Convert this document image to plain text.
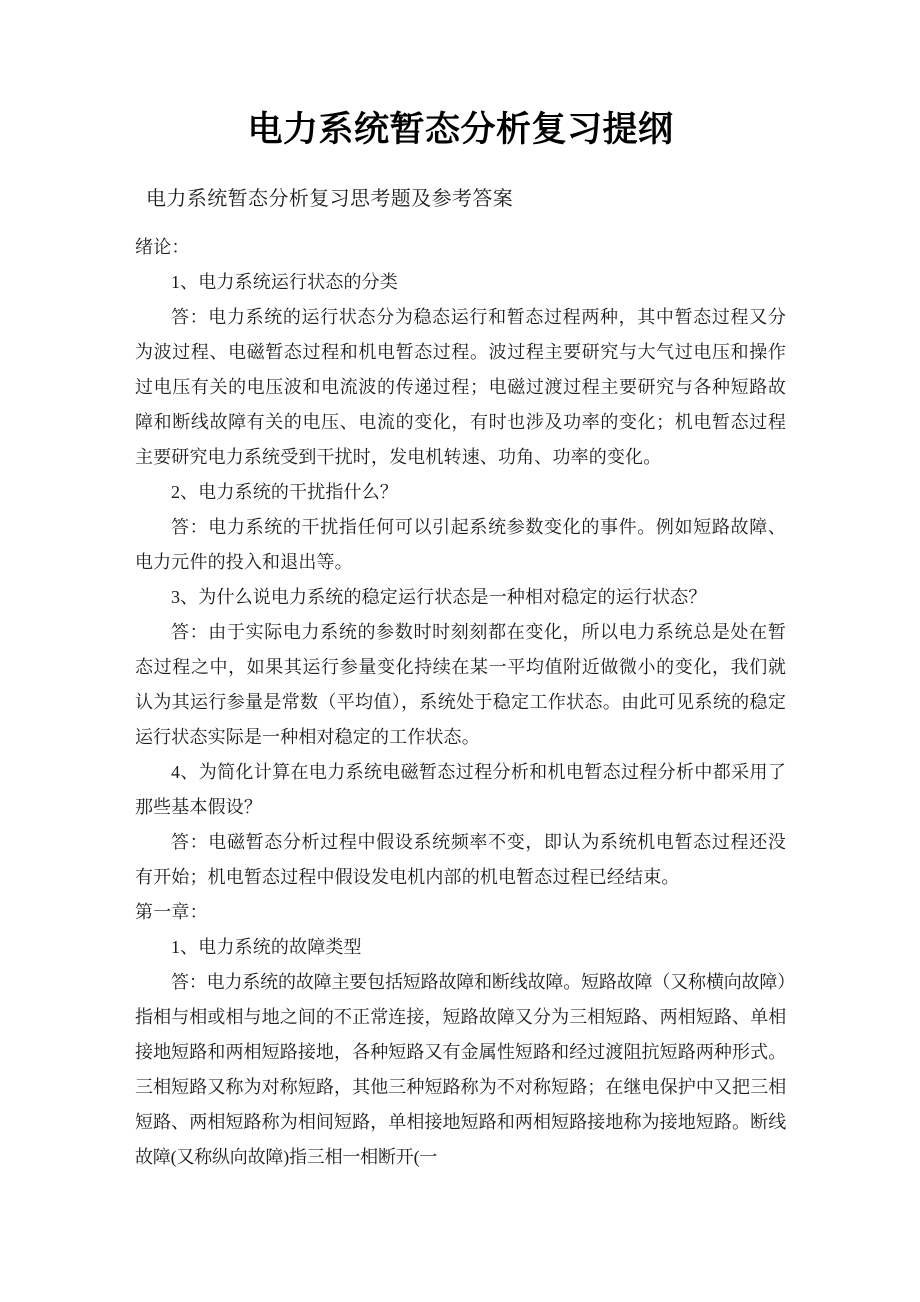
电力系统暂态分析复习提纲

电力系统暂态分析复习思考题及参考答案

绪论：

1、电力系统运行状态的分类

答：电力系统的运行状态分为稳态运行和暂态过程两种，其中暂态过程又分为波过程、电磁暂态过程和机电暂态过程。波过程主要研究与大气过电压和操作过电压有关的电压波和电流波的传递过程；电磁过渡过程主要研究与各种短路故障和断线故障有关的电压、电流的变化，有时也涉及功率的变化；机电暂态过程主要研究电力系统受到干扰时，发电机转速、功角、功率的变化。

2、电力系统的干扰指什么？

答：电力系统的干扰指任何可以引起系统参数变化的事件。例如短路故障、电力元件的投入和退出等。

3、为什么说电力系统的稳定运行状态是一种相对稳定的运行状态？

答：由于实际电力系统的参数时时刻刻都在变化，所以电力系统总是处在暂态过程之中，如果其运行参量变化持续在某一平均值附近做微小的变化，我们就认为其运行参量是常数（平均值），系统处于稳定工作状态。由此可见系统的稳定运行状态实际是一种相对稳定的工作状态。

4、为简化计算在电力系统电磁暂态过程分析和机电暂态过程分析中都采用了那些基本假设？

答：电磁暂态分析过程中假设系统频率不变，即认为系统机电暂态过程还没有开始；机电暂态过程中假设发电机内部的机电暂态过程已经结束。

第一章：

1、电力系统的故障类型

答：电力系统的故障主要包括短路故障和断线故障。短路故障（又称横向故障）指相与相或相与地之间的不正常连接，短路故障又分为三相短路、两相短路、单相接地短路和两相短路接地，各种短路又有金属性短路和经过渡阻抗短路两种形式。三相短路又称为对称短路，其他三种短路称为不对称短路；在继电保护中又把三相短路、两相短路称为相间短路，单相接地短路和两相短路接地称为接地短路。断线故障(又称纵向故障)指三相一相断开(一
